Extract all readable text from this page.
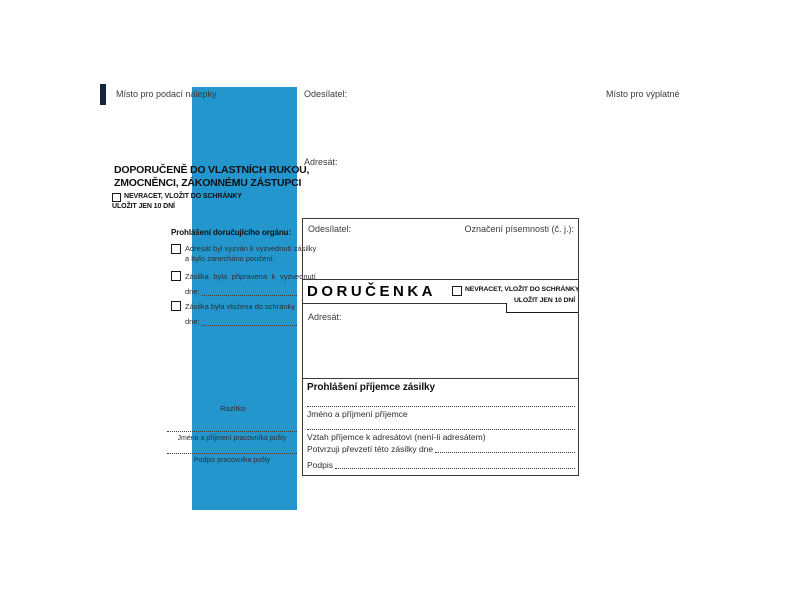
Místo pro podací nálepky	Odesílatel:	Místo pro výplatné
Adresát:
DOPORUČENĚ DO VLASTNÍCH RUKOU,
ZMOCNĚNCI, ZÁKONNÉMU ZÁSTUPCI
NEVRACET, VLOŽIT DO SCHRÁNKY
ULOŽIT JEN 10 DNÍ
Prohlášení doručujícího orgánu:
Adresát byl vyzván k vyzvednutí zásilky
a bylo zanecháno poučení.
Zásilka byla připravena k vyzvednutí
dne:
Zásilka byla vložena do schránky
dne:
Razítko
Jméno a příjmení pracovníka pošty
Podpis pracovníka pošty
Odesílatel:	Označení písemnosti (č. j.):
DORUČENKA	NEVRACET, VLOŽIT DO SCHRÁNKY
ULOŽIT JEN 10 DNÍ
Adresát:
Prohlášení příjemce zásilky
Jméno a příjmení příjemce
Vztah příjemce k adresátovi (není-li adresátem)
Potvrzuji převzetí této zásilky dne
Podpis
